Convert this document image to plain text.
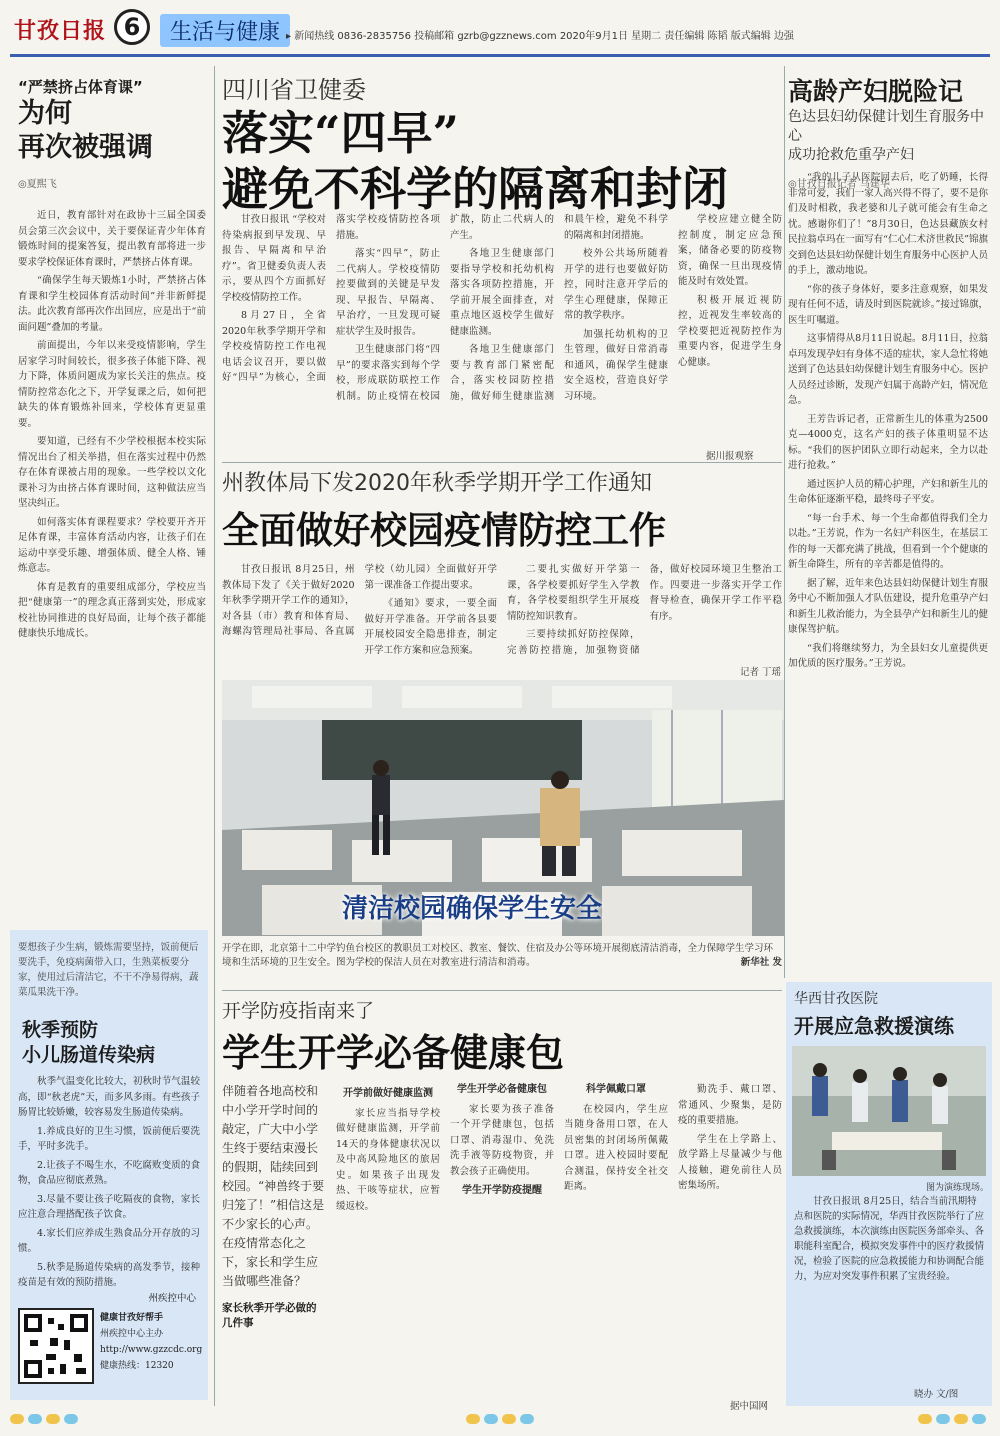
甘孜日报 6	生活与健康 ▸ 新闻热线 0836-2835756 投稿邮箱 gzrb@gzznews.com 2020年9月1日 星期二 责任编辑 陈韬 版式编辑 边强
“严禁挤占体育课”
为何
再次被强调
◎夏熙飞

近日，教育部针对在政协十三届全国委员会第三次会议中，关于要保证青少年体育锻炼时间的提案答复，提出教育部将进一步要求学校保证体育课时，严禁挤占体育课。

“确保学生每天锻炼1小时，严禁挤占体育课和学生校园体育活动时间”并非新鲜提法。此次教育部再次作出回应，应是出于“前面问题”叠加的考量。

前面提出，今年以来受疫情影响，学生居家学习时间较长，很多孩子体能下降、视力下降，体质问题成为家长关注的焦点。疫情防控常态化之下，开学复课之后，如何把缺失的体育锻炼补回来，学校体育更显重要。

要知道，已经有不少学校根据本校实际情况出台了相关举措，但在落实过程中仍然存在体育课被占用的现象。一些学校以文化课补习为由挤占体育课时间，这种做法应当坚决纠正。

如何落实体育课程要求？学校要开齐开足体育课，丰富体育活动内容，让孩子们在运动中享受乐趣、增强体质、健全人格、锤炼意志。

体育是教育的重要组成部分，学校应当把“健康第一”的理念真正落到实处，形成家校社协同推进的良好局面，让每个孩子都能健康快乐地成长。

要想孩子少生病，锻炼需要坚持，饭前便后要洗手，免疫病菌带入口，生熟菜板要分家，使用过后清洁它，不干不净易得病，蔬菜瓜果洗干净。
秋季预防
小儿肠道传染病

秋季气温变化比较大，初秋时节气温较高，即“秋老虎”天，而多风多雨。有些孩子肠胃比较娇嫩，较容易发生肠道传染病。

1.养成良好的卫生习惯，饭前便后要洗手，平时多洗手。

2.让孩子不喝生水，不吃腐败变质的食物，食品应彻底煮熟。

3.尽量不要让孩子吃隔夜的食物，家长应注意合理搭配孩子饮食。

4.家长们应养成生熟食品分开存放的习惯。

5.秋季是肠道传染病的高发季节，接种疫苗是有效的预防措施。

州疾控中心
健康甘孜好帮手
州疾控中心主办
http://www.gzzcdc.org
健康热线：12320
四川省卫健委
落实“四早”
避免不科学的隔离和封闭

甘孜日报讯 “学校对待染病报到早发现、早报告、早隔离和早治疗”。省卫健委负责人表示，要从四个方面抓好学校疫情防控工作。

8月27日，全省2020年秋季学期开学和学校疫情防控工作电视电话会议召开，要以做好“四早”为核心，全面落实学校疫情防控各项措施。

落实“四早”，防止二代病人。学校疫情防控要做到的关键是早发现、早报告、早隔离、早治疗，一旦发现可疑症状学生及时报告。

卫生健康部门将“四早”的要求落实到每个学校，形成联防联控工作机制。防止疫情在校园扩散，防止二代病人的产生。

各地卫生健康部门要指导学校和托幼机构落实各项防控措施，开学前开展全面排查，对重点地区返校学生做好健康监测。

各地卫生健康部门要与教育部门紧密配合，落实校园防控措施，做好师生健康监测和晨午检，避免不科学的隔离和封闭措施。

校外公共场所随着开学的进行也要做好防控，同时注意开学后的学生心理健康，保障正常的教学秩序。

加强托幼机构的卫生管理，做好日常消毒和通风，确保学生健康安全返校，营造良好学习环境。

学校应建立健全防控制度，制定应急预案，储备必要的防疫物资，确保一旦出现疫情能及时有效处置。

积极开展近视防控，近视发生率较高的学校要把近视防控作为重要内容，促进学生身心健康。

据川报观察
州教体局下发2020年秋季学期开学工作通知
全面做好校园疫情防控工作

甘孜日报讯 8月25日，州教体局下发了《关于做好2020年秋季学期开学工作的通知》，对各县（市）教育和体育局、海螺沟管理局社事局、各直属学校（幼儿园）全面做好开学第一课准备工作提出要求。

《通知》要求，一要全面做好开学准备。开学前各县要开展校园安全隐患排查，制定开学工作方案和应急预案。

二要扎实做好开学第一课，各学校要抓好学生入学教育，各学校要组织学生开展疫情防控知识教育。

三要持续抓好防控保障，完善防控措施，加强物资储备，做好校园环境卫生整治工作。四要进一步落实开学工作督导检查，确保开学工作平稳有序。

记者 丁瑶
清洁校园确保学生安全
开学在即，北京第十二中学钓鱼台校区的教职员工对校区、教室、餐饮、住宿及办公等环境开展彻底清洁消毒，全力保障学生学习环境和生活环境的卫生安全。图为学校的保洁人员在对教室进行清洁和消毒。	新华社 发
开学防疫指南来了
学生开学必备健康包
伴随着各地高校和中小学开学时间的敲定，广大中小学生终于要结束漫长的假期，陆续回到校园。“神兽终于要归笼了！”相信这是不少家长的心声。在疫情常态化之下，家长和学生应当做哪些准备？
家长秋季开学必做的几件事
开学前做好健康监测

家长应当指导学校做好健康监测，开学前14天的身体健康状况以及中高风险地区的旅居史。如果孩子出现发热、干咳等症状，应暂缓返校。

学生开学必备健康包

家长要为孩子准备一个开学健康包，包括口罩、消毒湿巾、免洗洗手液等防疫物资，并教会孩子正确使用。

学生开学防疫提醒
科学佩戴口罩

在校园内，学生应当随身备用口罩，在人员密集的封闭场所佩戴口罩。进入校园时要配合测温，保持安全社交距离。

勤洗手、戴口罩、常通风、少聚集，是防疫的重要措施。

学生在上学路上、放学路上尽量减少与他人接触，避免前往人员密集场所。

据中国网
高龄产妇脱险记
色达县妇幼保健计划生育服务中心
成功抢救危重孕产妇
◎甘孜日报记者 马建华

“我的儿子从医院回去后，吃了奶睡，长得非常可爱，我们一家人高兴得不得了，要不是你们及时相救，我老婆和儿子就可能会有生命之忧。感谢你们了！”8月30日，色达县藏族女村民拉翁卓玛在一面写有“仁心仁术济世救民”锦旗交到色达县妇幼保健计划生育服务中心医护人员的手上，激动地说。

“你的孩子身体好，要多注意观察，如果发现有任何不适，请及时到医院就诊。”接过锦旗，医生叮嘱道。

这事情得从8月11日说起。8月11日，拉翁卓玛发现孕妇有身体不适的症状，家人急忙将她送到了色达县妇幼保健计划生育服务中心。医护人员经过诊断，发现产妇属于高龄产妇，情况危急。

王芳告诉记者，正常新生儿的体重为2500克—4000克，这名产妇的孩子体重明显不达标。“我们的医护团队立即行动起来，全力以赴进行抢救。”

通过医护人员的精心护理，产妇和新生儿的生命体征逐渐平稳，最终母子平安。

“每一台手术、每一个生命都值得我们全力以赴。”王芳说，作为一名妇产科医生，在基层工作的每一天都充满了挑战，但看到一个个健康的新生命降生，所有的辛苦都是值得的。

据了解，近年来色达县妇幼保健计划生育服务中心不断加强人才队伍建设，提升危重孕产妇和新生儿救治能力，为全县孕产妇和新生儿的健康保驾护航。

“我们将继续努力，为全县妇女儿童提供更加优质的医疗服务。”王芳说。

华西甘孜医院
开展应急救援演练
图为演练现场。

甘孜日报讯 8月25日，结合当前汛期特点和医院的实际情况，华西甘孜医院举行了应急救援演练，本次演练由医院医务部牵头、各职能科室配合，模拟突发事件中的医疗救援情况，检验了医院的应急救援能力和协调配合能力，为应对突发事件积累了宝贵经验。

晓办 文/图
